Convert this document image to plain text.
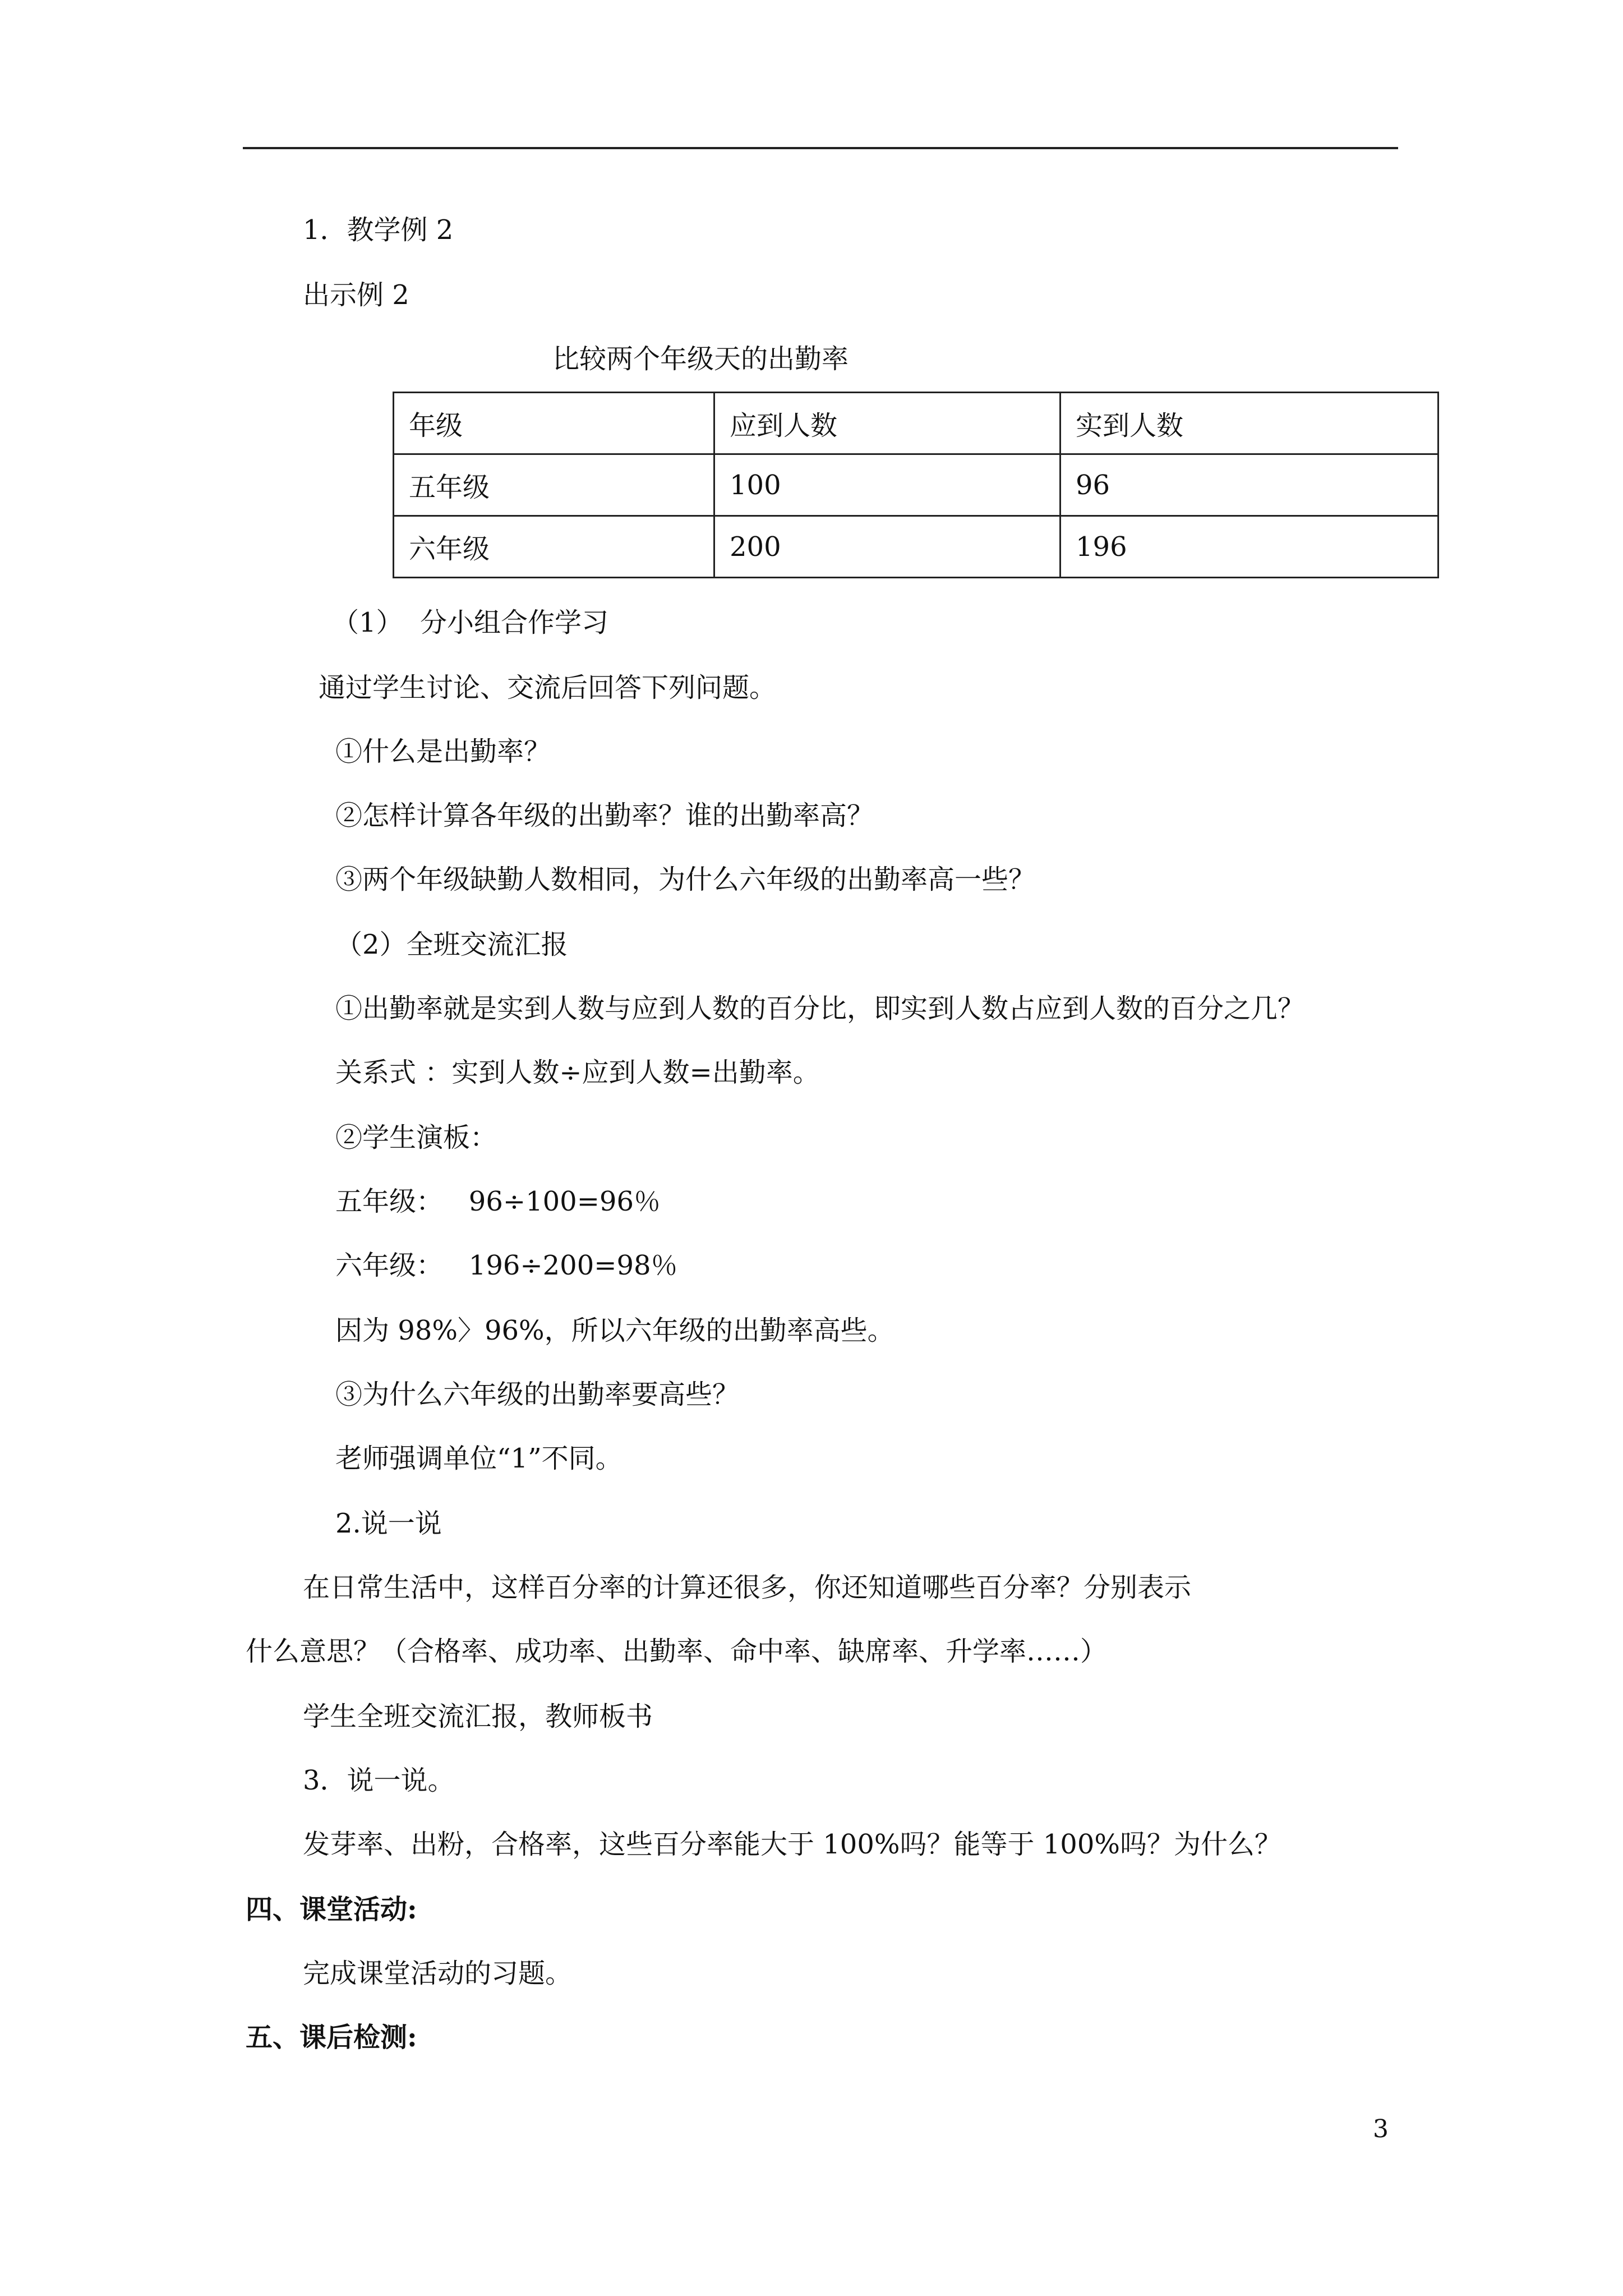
1．教学例 2
出示例 2
比较两个年级天的出勤率
年级	应到人数	实到人数
五年级	100	96
六年级	200	196
（1）  分小组合作学习
通过学生讨论、交流后回答下列问题。
①什么是出勤率？
②怎样计算各年级的出勤率？谁的出勤率高？
③两个年级缺勤人数相同，为什么六年级的出勤率高一些？
（2）全班交流汇报
①出勤率就是实到人数与应到人数的百分比，即实到人数占应到人数的百分之几？
关系式 ：实到人数÷应到人数=出勤率。
②学生演板：
五年级：   96÷100=96％
六年级：   196÷200=98％
因为 98%〉96%，所以六年级的出勤率高些。
③为什么六年级的出勤率要高些？
老师强调单位“1”不同。
2.说一说
在日常生活中，这样百分率的计算还很多，你还知道哪些百分率？分别表示
什么意思？（合格率、成功率、出勤率、命中率、缺席率、升学率……）
学生全班交流汇报，教师板书
3．说一说。
发芽率、出粉，合格率，这些百分率能大于 100%吗？能等于 100%吗？为什么？
四、课堂活动:
完成课堂活动的习题。
五、课后检测:
3
